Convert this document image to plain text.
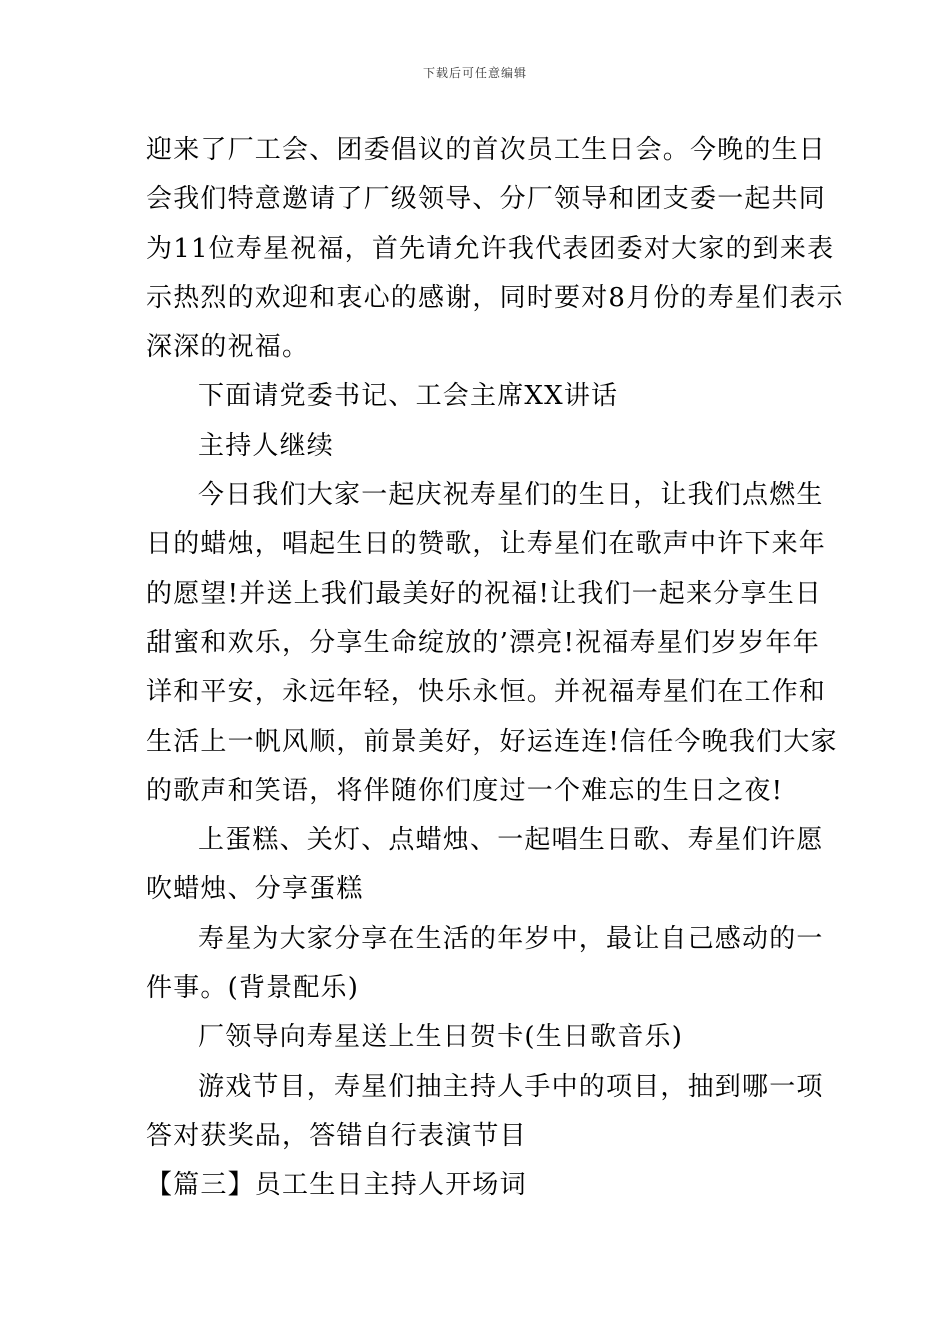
下载后可任意编辑

迎来了厂工会、团委倡议的首次员工生日会。今晚的生日
会我们特意邀请了厂级领导、分厂领导和团支委一起共同
为11位寿星祝福，首先请允许我代表团委对大家的到来表
示热烈的欢迎和衷心的感谢，同时要对8月份的寿星们表示
深深的祝福。

下面请党委书记、工会主席XX讲话

主持人继续

今日我们大家一起庆祝寿星们的生日，让我们点燃生
日的蜡烛，唱起生日的赞歌，让寿星们在歌声中许下来年
的愿望!并送上我们最美好的祝福!让我们一起来分享生日
甜蜜和欢乐，分享生命绽放的’漂亮!祝福寿星们岁岁年年
详和平安，永远年轻，快乐永恒。并祝福寿星们在工作和
生活上一帆风顺，前景美好，好运连连!信任今晚我们大家
的歌声和笑语，将伴随你们度过一个难忘的生日之夜!

上蛋糕、关灯、点蜡烛、一起唱生日歌、寿星们许愿
吹蜡烛、分享蛋糕

寿星为大家分享在生活的年岁中，最让自己感动的一
件事。(背景配乐)

厂领导向寿星送上生日贺卡(生日歌音乐)

游戏节目，寿星们抽主持人手中的项目，抽到哪一项
答对获奖品，答错自行表演节目

【篇三】员工生日主持人开场词
